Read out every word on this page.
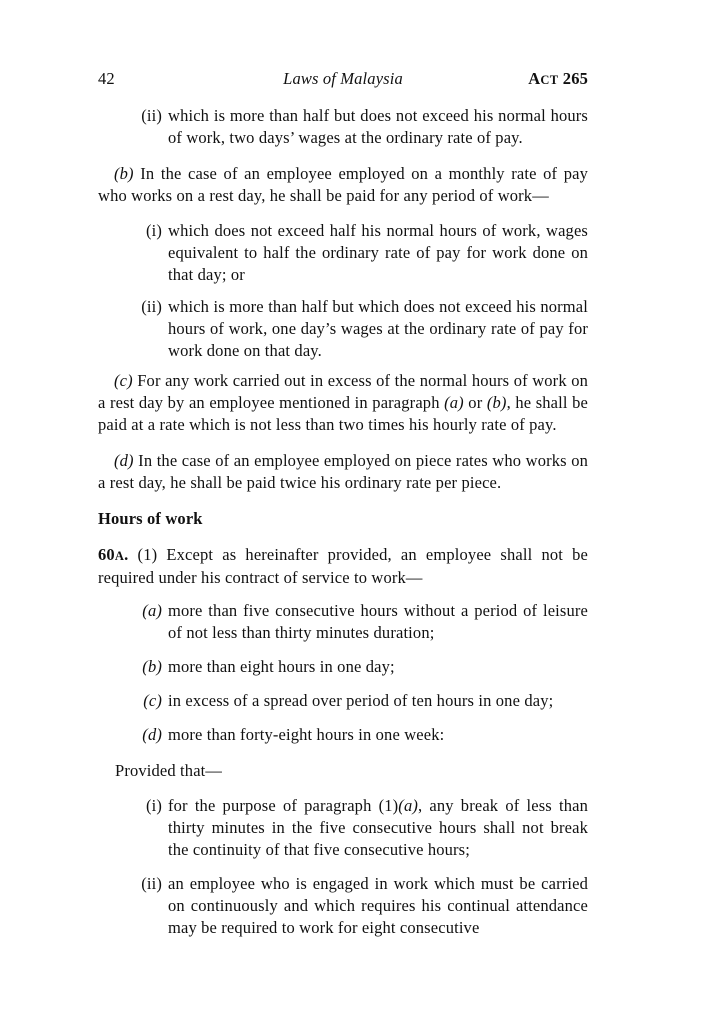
42	Laws of Malaysia	ACT 265
(ii) which is more than half but does not exceed his normal hours of work, two days’ wages at the ordinary rate of pay.

(b) In the case of an employee employed on a monthly rate of pay who works on a rest day, he shall be paid for any period of work—

(i) which does not exceed half his normal hours of work, wages equivalent to half the ordinary rate of pay for work done on that day; or
(ii) which is more than half but which does not exceed his normal hours of work, one day’s wages at the ordinary rate of pay for work done on that day.

(c) For any work carried out in excess of the normal hours of work on a rest day by an employee mentioned in paragraph (a) or (b), he shall be paid at a rate which is not less than two times his hourly rate of pay.

(d) In the case of an employee employed on piece rates who works on a rest day, he shall be paid twice his ordinary rate per piece.

Hours of work

60A. (1) Except as hereinafter provided, an employee shall not be required under his contract of service to work—

(a) more than five consecutive hours without a period of leisure of not less than thirty minutes duration;
(b) more than eight hours in one day;
(c) in excess of a spread over period of ten hours in one day;
(d) more than forty-eight hours in one week:

Provided that—

(i) for the purpose of paragraph (1)(a), any break of less than thirty minutes in the five consecutive hours shall not break the continuity of that five consecutive hours;
(ii) an employee who is engaged in work which must be carried on continuously and which requires his continual attendance may be required to work for eight consecutive
